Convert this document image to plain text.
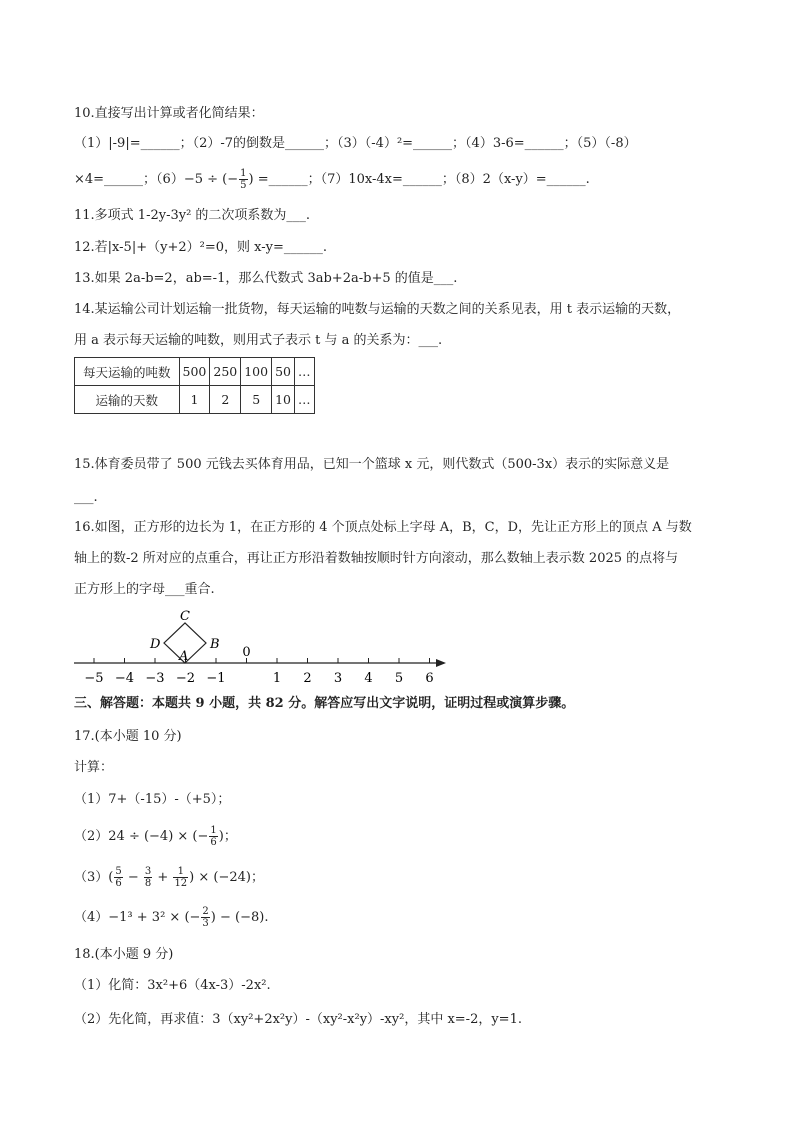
10.直接写出计算或者化简结果：
（1）|-9|=______；（2）-7的倒数是______；（3）（-4）²=______；（4）3-6=______；（5）（-8）
×4=______；（6）−5 ÷ (− $\frac{1}{5}$ ) =______；（7）10x-4x=______；（8）2（x-y）=______.
11.多项式 1-2y-3y² 的二次项系数为___.
12.若|x-5|+（y+2）²=0，则 x-y=______.
13.如果 2a-b=2，ab=-1，那么代数式 3ab+2a-b+5 的值是___.
14.某运输公司计划运输一批货物，每天运输的吨数与运输的天数之间的关系见表，用 t 表示运输的天数，
用 a 表示每天运输的吨数，则用式子表示 t 与 a 的关系为：___.
每天运输的吨数	500	250	100	50	…
运输的天数	1	2	5	10	…
15.体育委员带了 500 元钱去买体育用品，已知一个篮球 x 元，则代数式（500-3x）表示的实际意义是
___.
16.如图，正方形的边长为 1，在正方形的 4 个顶点处标上字母 A，B，C，D，先让正方形上的顶点 A 与数
轴上的数-2 所对应的点重合，再让正方形沿着数轴按顺时针方向滚动，那么数轴上表示数 2025 的点将与
正方形上的字母___重合.
−5 −4 −3 −2 −1
0
1 2 3 4 5 6
A
B
C
D
三、解答题：本题共 9 小题，共 82 分。解答应写出文字说明，证明过程或演算步骤。
17.(本小题 10 分)
计算：
（1）7+（-15）-（+5）；
（2）24 ÷ (−4) × (− $\frac{1}{6}$ )；
$(3)( \frac{5}{6} - \frac{3}{8} + \frac{1}{12}$ ) × (−24)；
（4）−1³ + 3² × (− $\frac{2}{3}$ ) − (−8).
18.(本小题 9 分)
（1）化简：3x²+6（4x-3）-2x².
（2）先化简，再求值：3（xy²+2x²y）-（xy²-x²y）-xy²，其中 x=-2，y=1.
